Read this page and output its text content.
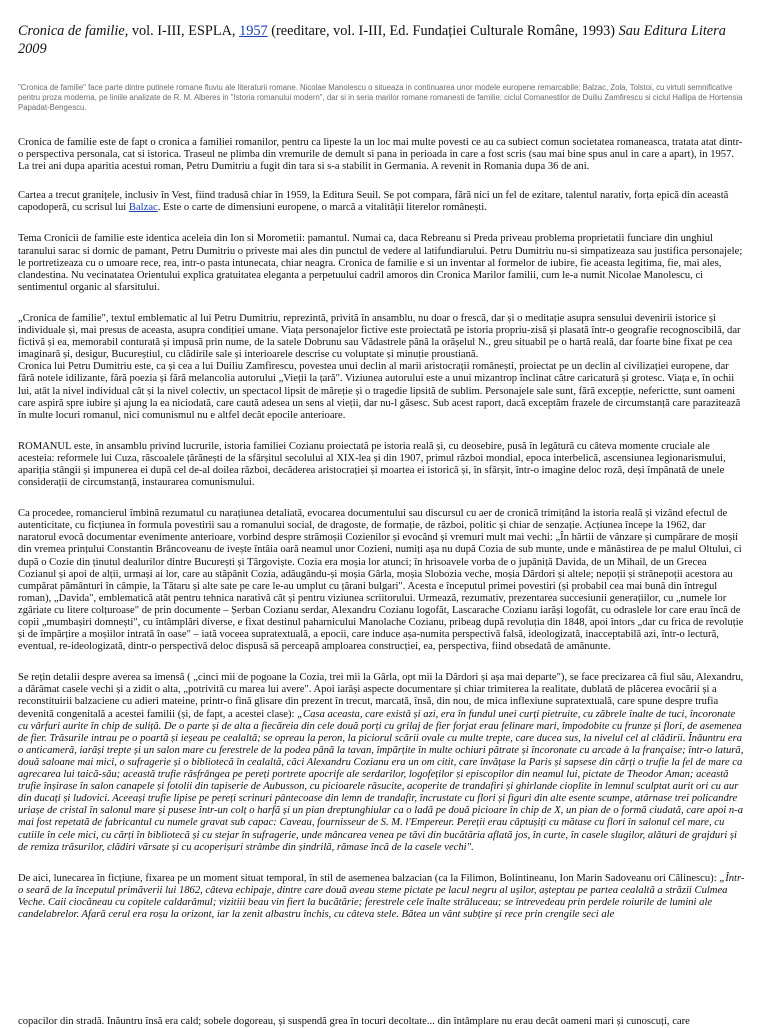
Cronica de familie, vol. I-III, ESPLA, 1957 (reeditare, vol. I-III, Ed. Fundației Culturale Române, 1993) Sau Editura Litera 2009

"Cronica de familie" face parte dintre putinele romane fluviu ale literaturii romane. Nicolae Manolescu o situeaza in continuarea unor modele europene remarcabile: Balzac, Zola, Tolstoi, cu virtuti semnificative pentru proza moderna, pe liniile analizate de R. M. Alberes in "Istoria romanului modern", dar si in seria marilor romane romanesti de familie: ciclul Comanestilor de Duiliu Zamfirescu si ciclul Hallipa de Hortensia Papadat-Bengescu.

Cronica de familie este de fapt o cronica a familiei romanilor, pentru ca lipeste la un loc mai multe povesti ce au ca subiect comun societatea romaneasca, tratata atat dintr-o perspectiva personala, cat si istorica. Traseul ne plimba din vremurile de demult si pana in perioada in care a fost scris (sau mai bine spus anul in care a apart), in 1957. La trei ani dupa aparitia acestui roman, Petru Dumitriu a fugit din tara si s-a stabilit in Germania. A revenit in Romania dupa 36 de ani.

Cartea a trecut granițele, inclusiv în Vest, fiind tradusă chiar în 1959, la Editura Seuil. Se pot compara, fără nici un fel de ezitare, talentul narativ, forța epică din această capodoperă, cu scrisul lui Balzac. Este o carte de dimensiuni europene, o marcă a vitalității literelor românești.

Tema Cronicii de familie este identica aceleia din Ion si Morometii: pamantul. Numai ca, daca Rebreanu si Preda priveau problema proprietatii funciare din unghiul taranului sarac si dornic de pamant, Petru Dumitriu o priveste mai ales din punctul de vedere al latifundiarului. Petru Dumitriu nu-si simpatizeaza sau justifica personajele; le portretizeaza cu o umoare rece, rea, intr-o pasta intunecata, chiar neagra. Cronica de familie e si un inventar al formelor de iubire, fie aceasta legitima, fie, mai ales, clandestina. Nu vecinatatea Orientului explica gratuitatea eleganta a perpetuului cadril amoros din Cronica Marilor familii, cum le-a numit Nicolae Manolescu, ci sentimentul organic al sfarsitului.

„Cronica de familie", textul emblematic al lui Petru Dumitriu, reprezintă, privită în ansamblu, nu doar o frescă, dar și o meditație asupra sensului devenirii istorice și individuale și, mai presus de aceasta, asupra condiției umane. Viața personajelor fictive este proiectată pe istoria propriu-zisă și plasată într-o geografie recognoscibilă, dar fictivă și ea, memorabil conturată și impusă prin nume, de la satele Dobrunu sau Vădastrele până la orășelul N., greu situabil pe o hartă reală, dar foarte bine fixat pe cea imaginară și, desigur, Bucureștiul, cu clădirile sale și interioarele descrise cu voluptate și minuție proustiană.

Cronica lui Petru Dumitriu este, ca și cea a lui Duiliu Zamfirescu, povestea unui declin al marii aristocrații românești, proiectat pe un declin al civilizației europene, dar fără notele idilizante, fără poezia și fără melancolia autorului „Vieții la țară". Viziunea autorului este a unui mizantrop înclinat către caricatură și grotesc. Viața e, în ochii lui, atât la nivel individual cât și la nivel colectiv, un spectacol lipsit de măreție și o tragedie lipsită de sublim. Personajele sale sunt, fără excepție, neferictte, sunt oameni care aspiră spre iubire și ajung la ea niciodată, care caută adesea un sens al vieții, dar nu-l găsesc. Sub acest raport, dacă exceptăm frazele de circumstanță care parazitează în multe locuri romanul, nici comunismul nu e altfel decât epocile anterioare.

ROMANUL este, în ansamblu privind lucrurile, istoria familiei Cozianu proiectată pe istoria reală și, cu deosebire, pusă în legătură cu câteva momente cruciale ale acesteia: reformele lui Cuza, răscoalele țărănești de la sfârșitul secolului al XIX-lea și din 1907, primul război mondial, epoca interbelică, ascensiunea legionarismului, apariția stângii și impunerea ei după cel de-al doilea război, decăderea aristocrației și moartea ei istorică și, în sfârșit, într-o imagine deloc roză, deși împănată de unele considerații de circumstanță, instaurarea comunismului.

Ca procedee, romancierul îmbină rezumatul cu narațiunea detaliată, evocarea documentului sau discursul cu aer de cronică trimițând la istoria reală și vizând efectul de autenticitate, cu ficțiunea în formula povestirii sau a romanului social, de dragoste, de formație, de război, politic și chiar de senzație. Acțiunea începe la 1962, dar naratorul evocă documentar evenimente anterioare, vorbind despre strămoșii Cozienilor și evocând și vremuri mult mai vechi: „În hârtii de vânzare și cumpărare de moșii din vremea prințului Constantin Brâncoveanu de ivește întâia oară neamul unor Cozieni, numiți așa nu după Cozia de sub munte, unde e mănăstirea de pe malul Oltului, ci după o Cozie din ținutul dealurilor dintre București și Târgoviște. Cozia era moșia lor atunci; în hrisoavele vorba de o jupâniță Davida, de un Mihail, de un Grecea Cozianul și apoi de alții, urmași ai lor, care au stăpânit Cozia, adăugându-și moșia Gârla, moșia Slobozia veche, moșia Dârdori și altele; nepoții și strănepoții acestora au cumpărat pământuri în câmpie, la Tătaru și alte sate pe care le-au umplut cu țărani bulgari". Acesta e începutul primei povestiri (și probabil cea mai bună din întregul roman), „Davida", emblematică atât pentru tehnica narativă cât și pentru viziunea scriitorului. Urmează, rezumativ, prezentarea succesiunii generațiilor, cu „numele lor zgâriate cu litere colțuroase" de prin documente – Șerban Cozianu serdar, Alexandru Cozianu logofăt, Lascarache Cozianu iarăși logofăt, cu odraslele lor care erau încă de copii „mumbașiri domnești", cu întâmplări diverse, e fixat destinul paharnicului Manolache Cozianu, pribeag după revoluția din 1848, apoi întors „dar cu frica de revoluție și de împărțire a moșiilor intrată în oase" – iată voceea supratextuală, a epocii, care induce așa-numita perspectivă falsă, ideologizată, inacceptabilă azi, într-o lectură, eventual, re-ideologizată, dintr-o perspectivă deloc dispusă să perceapă amploarea construcției, ea, perspectiva, fiind obsedată de amănunte.

Se rețin detalii despre averea sa imensă ( „cinci mii de pogoane la Cozia, trei mii la Gârla, opt mii la Dârdori și așa mai departe"), se face precizarea că fiul său, Alexandru, a dărâmat casele vechi și a zidit o alta, „potrivită cu marea lui avere". Apoi iarăși aspecte documentare și chiar trimiterea la realitate, dublată de plăcerea evocării și a reconstituirii balzaciene cu adieri mateine, printr-o fină glisare din prezent în trecut, marcată, însă, din nou, de mica inflexiune supratextuală, care spune despre trufia devenită congenitală a acestei familii (și, de fapt, a acestei clase): „Casa aceasta, care există și azi, era în fundul unei curți pietruite, cu zăbrele înalte de tuci, încoronate cu vârfuri aurite în chip de suliță. De o parte și de alta a fiecăreia din cele două porți cu grilaj de fier forjat erau felinare mari, împodobite cu frunze și flori, de asemenea de fier. Trăsurile intrau pe o poartă și ieșeau pe cealaltă; se opreau la peron, la piciorul scării ovale cu multe trepte, care ducea sus, la nivelul cel al clădirii. Înăuntru era o anticameră, iarăși trepte și un salon mare cu ferestrele de la podea până la tavan, împărțite în multe ochiuri pătrate și încoronate cu arcade à la française; într-o latură, două saloane mai mici, o sufragerie și o bibliotecă în cealaltă, căci Alexandru Cozianu era un om citit, care învățase la Paris și sapsese din cărți o trufie la fel de mare ca agrecarea lui taică-său; această trufie răsfrângea pe pereți portrete apocrife ale serdarilor, logofeților și episcopilor din neamul lui, pictate de Theodor Aman; această trufie înșirase în salon canapele și fotolii din tapiserie de Aubusson, cu picioarele răsucite, acoperite de trandafiri și ghirlande cioplite în lemnul sculptat aurit ori cu aur din ducați și ludovici. Aceeași trufie lipise pe pereți scrinuri pântecoase din lemn de trandafir, încrustate cu flori și figuri din alte esente scumpe, atârnase trei policandre uriașe de cristal în salonul mare și pusese într-un colț o harfă și un pian dreptunghiular ca o ladă pe două picioare în chip de X, un pian de o formă ciudată, care apoi n-a mai fost repetată de fabricantul cu numele gravat sub capac: Caveau, fournisseur de S. M. l'Empereur. Pereții erau căptușiți cu mătase cu flori în salonul cel mare, cu cutiile în cele mici, cu cărți în bibliotecă și cu stejar în sufragerie, unde mâncarea venea pe tăvi din bucătăria aflată jos, în curte, în casele slugilor, alături de grajduri și de remiza trăsurilor, clădiri vărsate și cu acoperișuri strâmbe din șindrilă, rămase încă de la casele vechi".

De aici, lunecarea în ficțiune, fixarea pe un moment situat temporal, în stil de asemenea balzacian (ca la Filimon, Bolintineanu, Ion Marin Sadoveanu ori Călinescu): „Într-o seară de la începutul primăverii lui 1862, câteva echipaje, dintre care două aveau steme pictate pe lacul negru al ușilor, așteptau pe partea cealaltă a străzii Culmea Veche. Caii ciocăneau cu copitele caldarâmul; vizitiii beau vin fiert la bucătărie; ferestrele cele înalte străluceau; se întrevedeau prin perdele roiurile de lumini ale candelabrelor. Afară cerul era roșu la orizont, iar la zenit albastru închis, cu câteva stele. Bătea un vânt subțire și rece prin crengile seci ale

copacilor din stradă. Înăuntru însă era cald; sobele dogoreau, și suspendă grea în tocuri decoltate... din întâmplare nu erau decât oameni mari și cunoscuți, care
